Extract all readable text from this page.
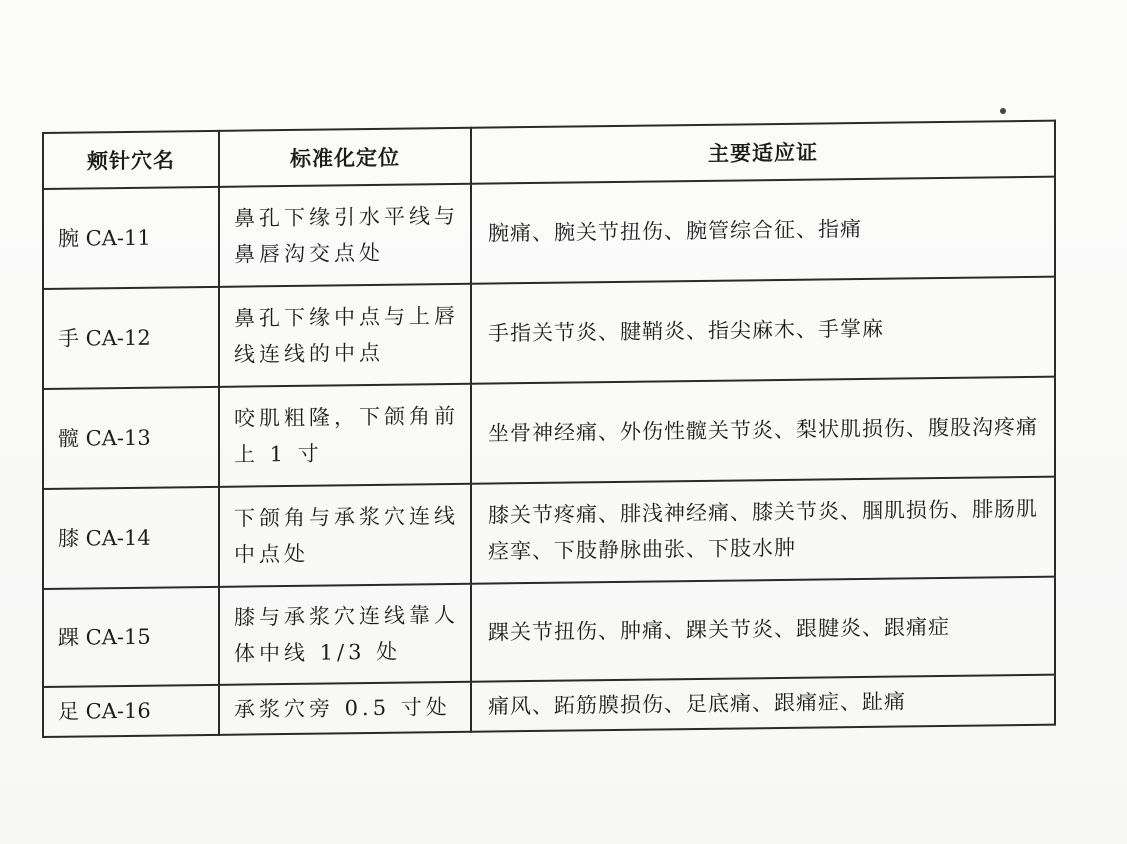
颊针穴名	标准化定位	主要适应证
腕 CA-11	鼻孔下缘引水平线与鼻唇沟交点处	腕痛、腕关节扭伤、腕管综合征、指痛
手 CA-12	鼻孔下缘中点与上唇线连线的中点	手指关节炎、腱鞘炎、指尖麻木、手掌麻
髋 CA-13	咬肌粗隆，下颌角前上 1 寸	坐骨神经痛、外伤性髋关节炎、梨状肌损伤、腹股沟疼痛
膝 CA-14	下颌角与承浆穴连线中点处	膝关节疼痛、腓浅神经痛、膝关节炎、腘肌损伤、腓肠肌痉挛、下肢静脉曲张、下肢水肿
踝 CA-15	膝与承浆穴连线靠人体中线 1/3 处	踝关节扭伤、肿痛、踝关节炎、跟腱炎、跟痛症
足 CA-16	承浆穴旁 0.5 寸处	痛风、跖筋膜损伤、足底痛、跟痛症、趾痛
